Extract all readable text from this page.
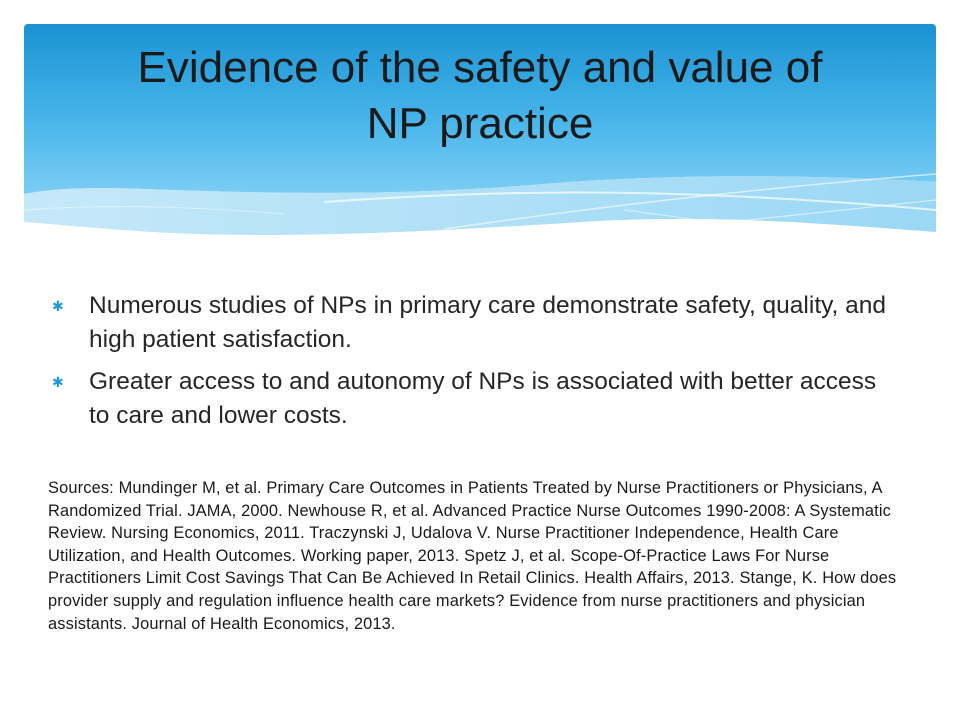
Evidence of the safety and value of
NP practice
✱ Numerous studies of NPs in primary care demonstrate safety, quality, and high patient satisfaction.
✱ Greater access to and autonomy of NPs is associated with better access to care and lower costs.

Sources: Mundinger M, et al. Primary Care Outcomes in Patients Treated by Nurse Practitioners or Physicians, A Randomized Trial. JAMA, 2000. Newhouse R, et al. Advanced Practice Nurse Outcomes 1990-2008: A Systematic Review. Nursing Economics, 2011. Traczynski J, Udalova V. Nurse Practitioner Independence, Health Care Utilization, and Health Outcomes. Working paper, 2013. Spetz J, et al. Scope-Of-Practice Laws For Nurse Practitioners Limit Cost Savings That Can Be Achieved In Retail Clinics. Health Affairs, 2013. Stange, K. How does provider supply and regulation influence health care markets? Evidence from nurse practitioners and physician assistants. Journal of Health Economics, 2013.
